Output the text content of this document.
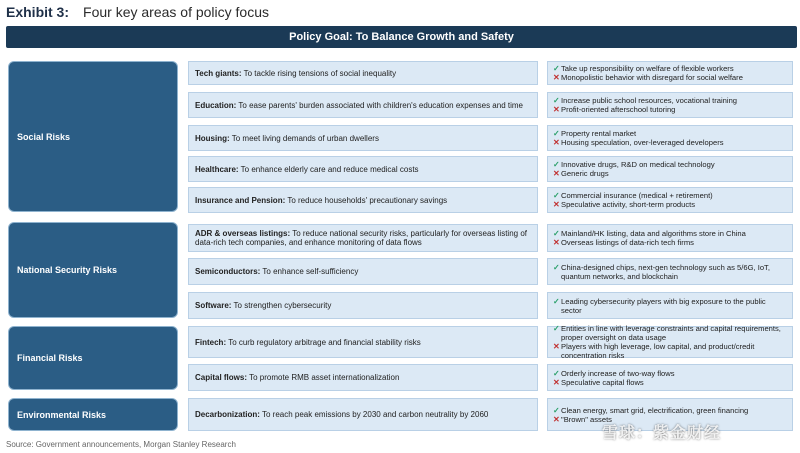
Exhibit 3: Four key areas of policy focus
Policy Goal: To Balance Growth and Safety
Social Risks
National Security Risks
Financial Risks
Environmental Risks
Tech giants: To tackle rising tensions of social inequality
Education: To ease parents' burden associated with children's education expenses and time
Housing: To meet living demands of urban dwellers
Healthcare: To enhance elderly care and reduce medical costs
Insurance and Pension: To reduce households' precautionary savings
ADR & overseas listings: To reduce national security risks, particularly for overseas listing of data-rich tech companies, and enhance monitoring of data flows
Semiconductors: To enhance self-sufficiency
Software: To strengthen cybersecurity
Fintech: To curb regulatory arbitrage and financial stability risks
Capital flows: To promote RMB asset internationalization
Decarbonization: To reach peak emissions by 2030 and carbon neutrality by 2060
✓ Take up responsibility on welfare of flexible workers
✕ Monopolistic behavior with disregard for social welfare
✓ Increase public school resources, vocational training
✕ Profit-oriented afterschool tutoring
✓ Property rental market
✕ Housing speculation, over-leveraged developers
✓ Innovative drugs, R&D on medical technology
✕ Generic drugs
✓ Commercial insurance (medical + retirement)
✕ Speculative activity, short-term products
✓ Mainland/HK listing, data and algorithms store in China
✕ Overseas listings of data-rich tech firms
✓ China-designed chips, next-gen technology such as 5/6G, IoT, quantum networks, and blockchain
✓ Leading cybersecurity players with big exposure to the public sector
✓ Entities in line with leverage constraints and capital requirements, proper oversight on data usage
✕ Players with high leverage, low capital, and product/credit concentration risks
✓ Orderly increase of two-way flows
✕ Speculative capital flows
✓ Clean energy, smart grid, electrification, green financing
✕ "Brown" assets
Source: Government announcements, Morgan Stanley Research
雪球：紫金财经
